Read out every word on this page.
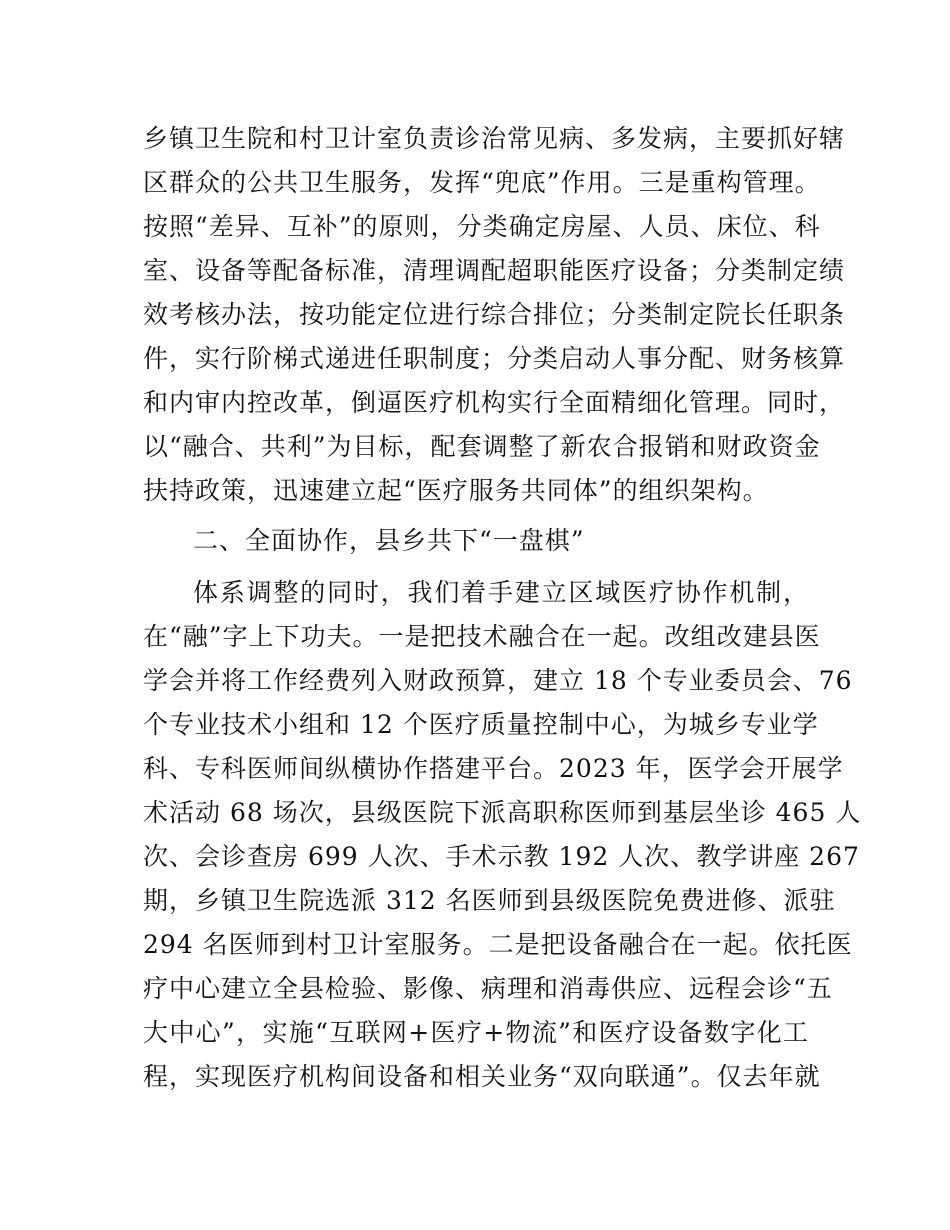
乡镇卫生院和村卫计室负责诊治常见病、多发病，主要抓好辖
区群众的公共卫生服务，发挥“兜底”作用。三是重构管理。
按照“差异、互补”的原则，分类确定房屋、人员、床位、科
室、设备等配备标准，清理调配超职能医疗设备；分类制定绩
效考核办法，按功能定位进行综合排位；分类制定院长任职条
件，实行阶梯式递进任职制度；分类启动人事分配、财务核算
和内审内控改革，倒逼医疗机构实行全面精细化管理。同时，
以“融合、共利”为目标，配套调整了新农合报销和财政资金
扶持政策，迅速建立起“医疗服务共同体”的组织架构。
二、全面协作，县乡共下“一盘棋”
体系调整的同时，我们着手建立区域医疗协作机制，
在“融”字上下功夫。一是把技术融合在一起。改组改建县医
学会并将工作经费列入财政预算，建立 18 个专业委员会、76
个专业技术小组和 12 个医疗质量控制中心，为城乡专业学
科、专科医师间纵横协作搭建平台。2023 年，医学会开展学
术活动 68 场次，县级医院下派高职称医师到基层坐诊 465 人
次、会诊查房 699 人次、手术示教 192 人次、教学讲座 267
期，乡镇卫生院选派 312 名医师到县级医院免费进修、派驻
294 名医师到村卫计室服务。二是把设备融合在一起。依托医
疗中心建立全县检验、影像、病理和消毒供应、远程会诊“五
大中心”，实施“互联网+医疗+物流”和医疗设备数字化工
程，实现医疗机构间设备和相关业务“双向联通”。仅去年就
